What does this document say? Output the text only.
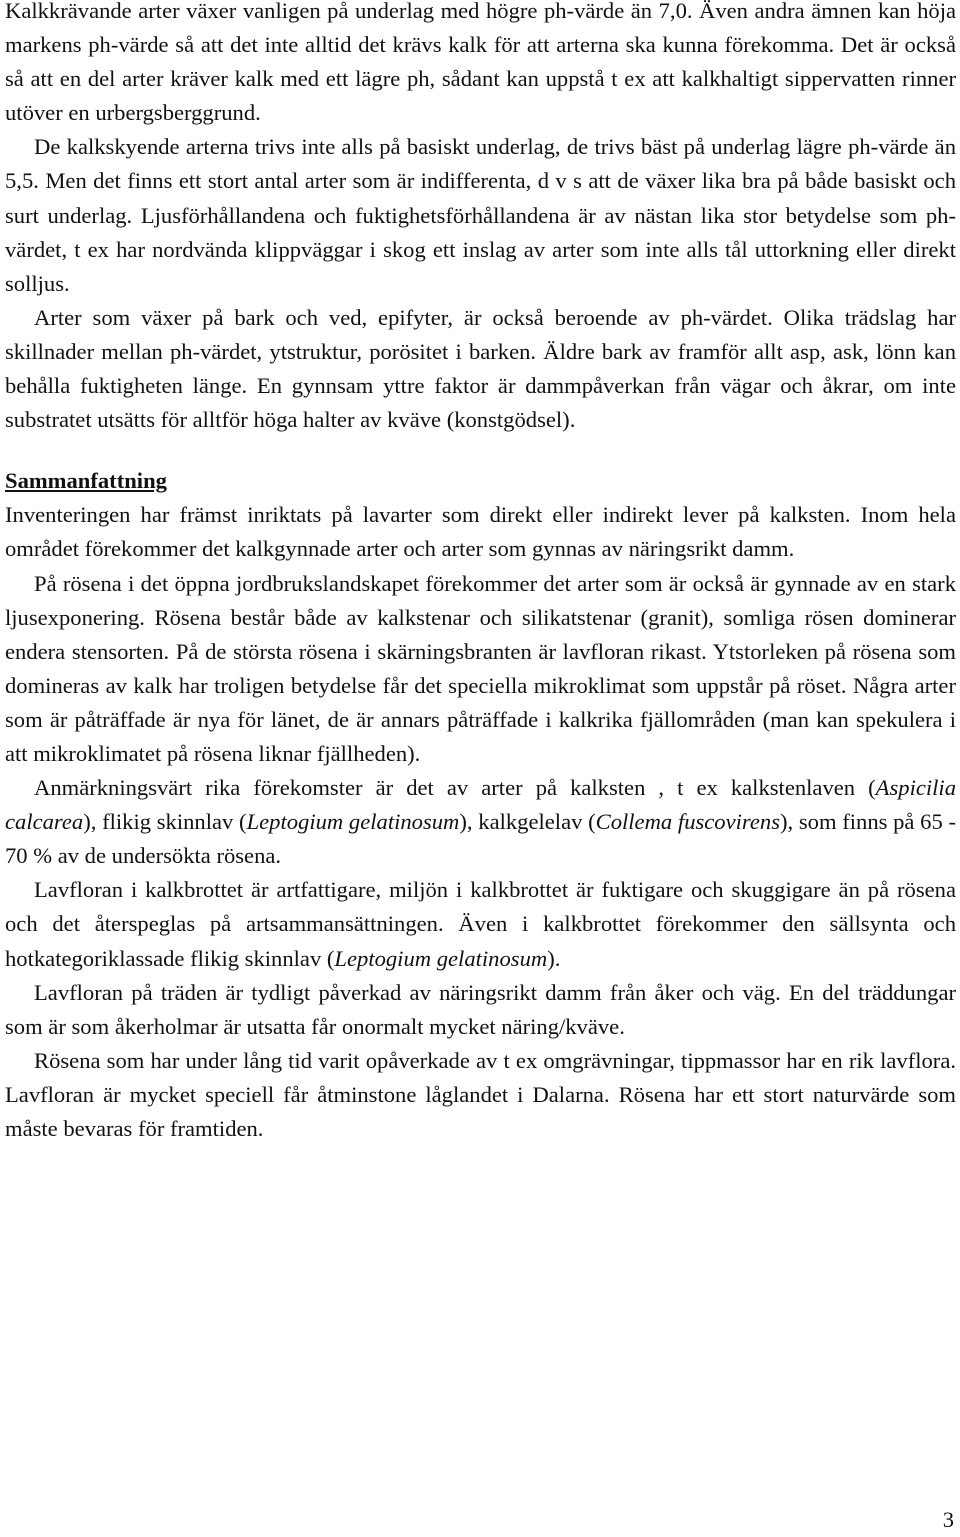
Kalkkrävande arter växer vanligen på underlag med högre ph-värde än 7,0. Även andra ämnen kan höja markens ph-värde så att det inte alltid det krävs kalk för att arterna ska kunna förekomma. Det är också så att en del arter kräver kalk med ett lägre ph, sådant kan uppstå t ex att kalkhaltigt sippervatten rinner utöver en urbergsberggrund.

De kalkskyende arterna trivs inte alls på basiskt underlag, de trivs bäst på underlag lägre ph-värde än 5,5. Men det finns ett stort antal arter som är indifferenta, d v s att de växer lika bra på både basiskt och surt underlag. Ljusförhållandena och fuktighetsförhållandena är av nästan lika stor betydelse som ph-värdet, t ex har nordvända klippväggar i skog ett inslag av arter som inte alls tål uttorkning eller direkt solljus.

Arter som växer på bark och ved, epifyter, är också beroende av ph-värdet. Olika trädslag har skillnader mellan ph-värdet, ytstruktur, porösitet i barken. Äldre bark av framför allt asp, ask, lönn kan behålla fuktigheten länge. En gynnsam yttre faktor är dammpåverkan från vägar och åkrar, om inte substratet utsätts för alltför höga halter av kväve (konstgödsel).

Sammanfattning

Inventeringen har främst inriktats på lavarter som direkt eller indirekt lever på kalksten. Inom hela området förekommer det kalkgynnade arter och arter som gynnas av näringsrikt damm.

På rösena i det öppna jordbrukslandskapet förekommer det arter som är också är gynnade av en stark ljusexponering. Rösena består både av kalkstenar och silikatstenar (granit), somliga rösen dominerar endera stensorten. På de största rösena i skärningsbranten är lavfloran rikast. Ytstorleken på rösena som domineras av kalk har troligen betydelse får det speciella mikroklimat som uppstår på röset. Några arter som är påträffade är nya för länet, de är annars påträffade i kalkrika fjällområden (man kan spekulera i att mikroklimatet på rösena liknar fjällheden).

Anmärkningsvärt rika förekomster är det av arter på kalksten , t ex kalkstenlaven (Aspicilia calcarea), flikig skinnlav (Leptogium gelatinosum), kalkgelelav (Collema fuscovirens), som finns på 65 - 70 % av de undersökta rösena.

Lavfloran i kalkbrottet är artfattigare, miljön i kalkbrottet är fuktigare och skuggigare än på rösena och det återspeglas på artsammansättningen. Även i kalkbrottet förekommer den sällsynta och hotkategoriklassade flikig skinnlav (Leptogium gelatinosum).

Lavfloran på träden är tydligt påverkad av näringsrikt damm från åker och väg. En del träddungar som är som åkerholmar är utsatta får onormalt mycket näring/kväve.

Rösena som har under lång tid varit opåverkade av t ex omgrävningar, tippmassor har en rik lavflora. Lavfloran är mycket speciell får åtminstone låglandet i Dalarna. Rösena har ett stort naturvärde som måste bevaras för framtiden.

3
